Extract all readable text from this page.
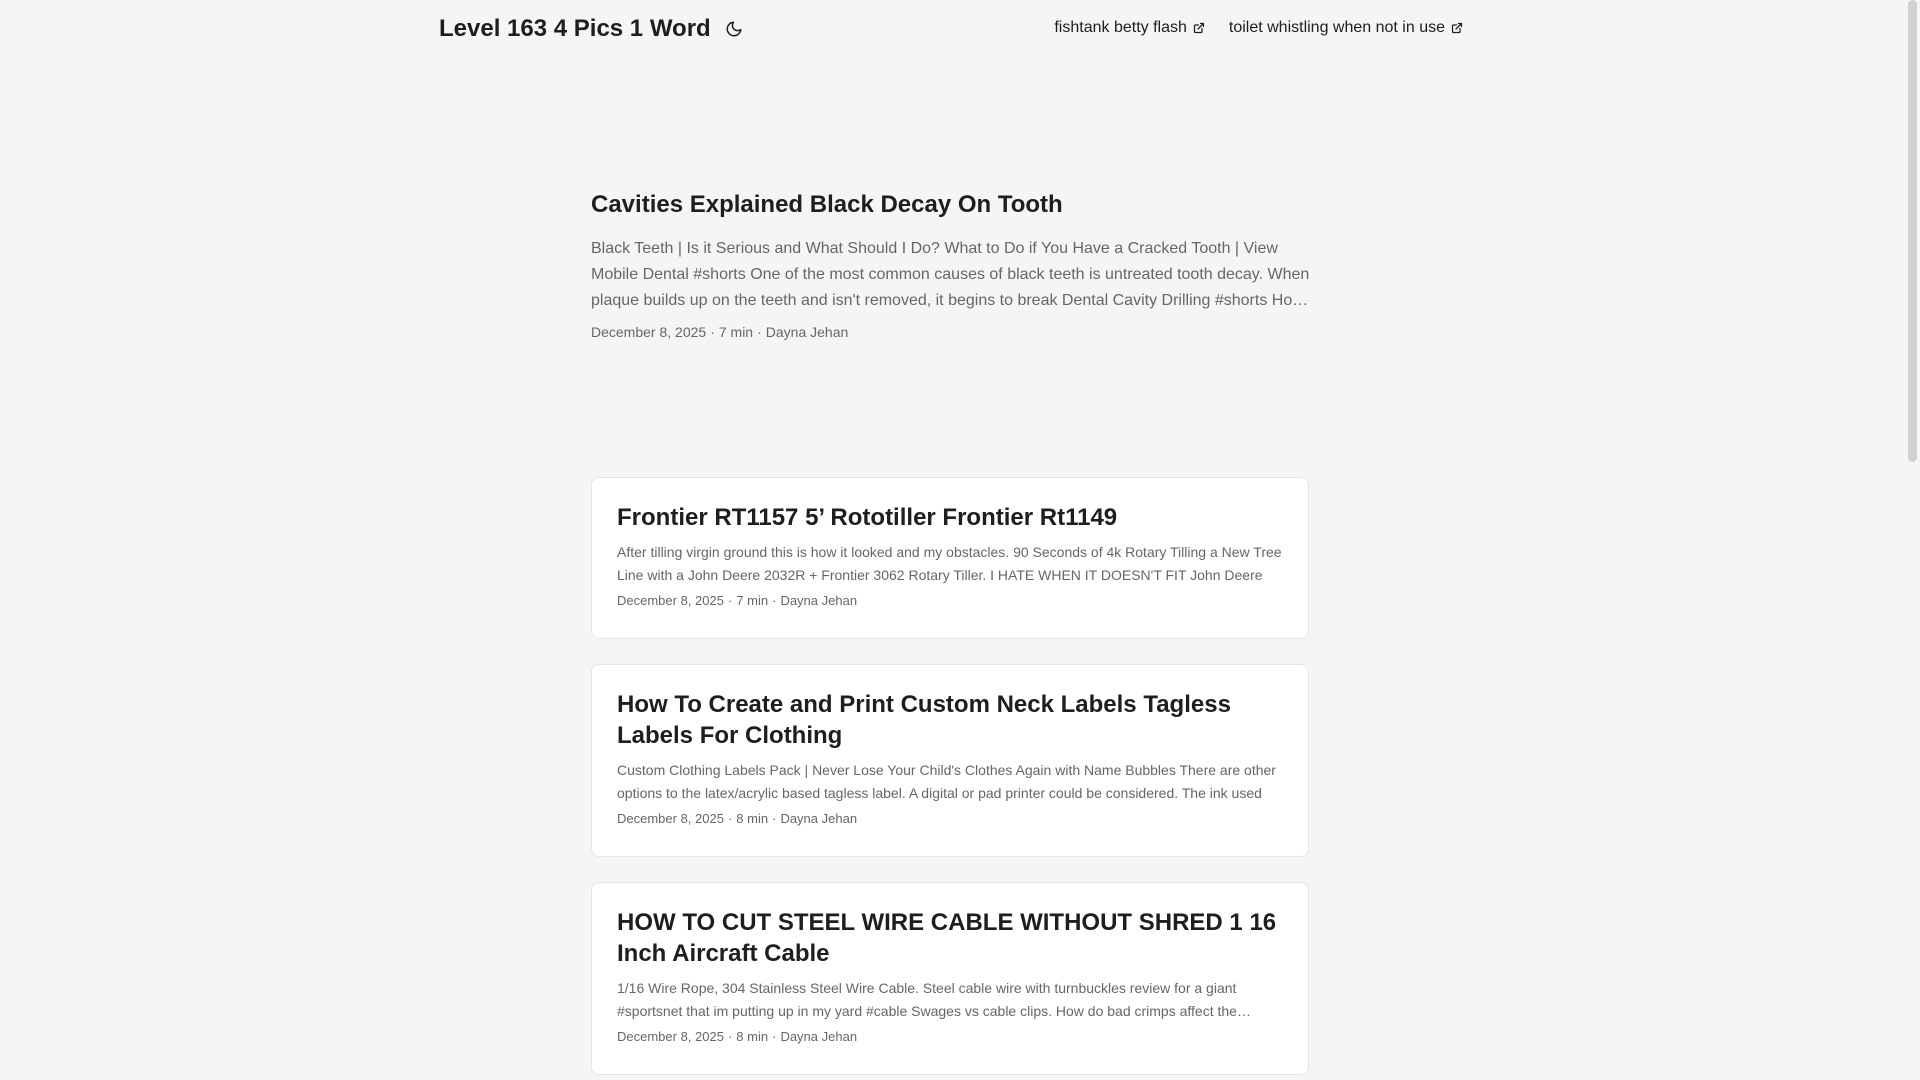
Level 163 4 Pics 1 Word	fishtank betty flash	toilet whistling when not in use
Cavities Explained Black Decay On Tooth
Black Teeth | Is it Serious and What Should I Do? What to Do if You Have a Cracked Tooth | View Mobile Dental #shorts One of the most common causes of black teeth is untreated tooth decay. When plaque builds up on the teeth and isn't removed, it begins to break Dental Cavity Drilling #shorts How
December 8, 2025 · 7 min · Dayna Jehan
Frontier RT1157 5’ Rototiller Frontier Rt1149
After tilling virgin ground this is how it looked and my obstacles. 90 Seconds of 4k Rotary Tilling a New Tree Line with a John Deere 2032R + Frontier 3062 Rotary Tiller. I HATE WHEN IT DOESN'T FIT John Deere
December 8, 2025 · 7 min · Dayna Jehan
How To Create and Print Custom Neck Labels Tagless Labels For Clothing
Custom Clothing Labels Pack | Never Lose Your Child's Clothes Again with Name Bubbles There are other options to the latex/acrylic based tagless label. A digital or pad printer could be considered. The ink used
December 8, 2025 · 8 min · Dayna Jehan
HOW TO CUT STEEL WIRE CABLE WITHOUT SHRED 1 16 Inch Aircraft Cable
1/16 Wire Rope, 304 Stainless Steel Wire Cable. Steel cable wire with turnbuckles review for a giant #sportsnet that im putting up in my yard #cable Swages vs cable clips. How do bad crimps affect the
December 8, 2025 · 8 min · Dayna Jehan
